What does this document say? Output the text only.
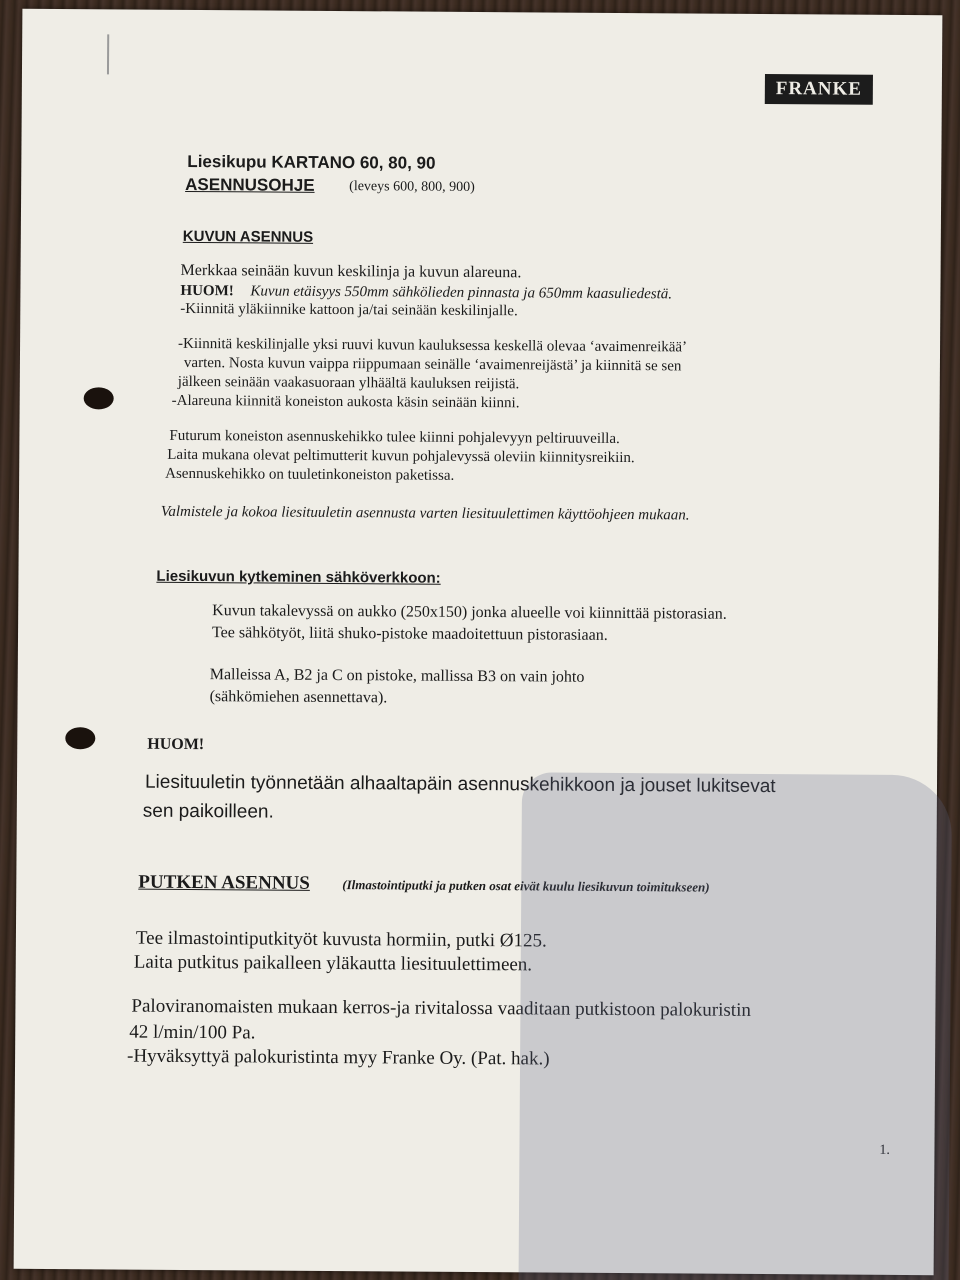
FRANKE
Liesikupu KARTANO 60, 80, 90
ASENNUSOHJE (leveys 600, 800, 900)
KUVUN ASENNUS
Merkkaa seinään kuvun keskilinja ja kuvun alareuna.
HUOM! Kuvun etäisyys 550mm sähkölieden pinnasta ja 650mm kaasuliedestä.
-Kiinnitä yläkiinnike kattoon ja/tai seinään keskilinjalle.
-Kiinnitä keskilinjalle yksi ruuvi kuvun kauluksessa keskellä olevaa ‘avaimenreikää’
varten. Nosta kuvun vaippa riippumaan seinälle ‘avaimenreijästä’ ja kiinnitä se sen
jälkeen seinään vaakasuoraan ylhäältä kauluksen reijistä.
-Alareuna kiinnitä koneiston aukosta käsin seinään kiinni.
Futurum koneiston asennuskehikko tulee kiinni pohjalevyyn peltiruuveilla.
Laita mukana olevat peltimutterit kuvun pohjalevyssä oleviin kiinnitysreikiin.
Asennuskehikko on tuuletinkoneiston paketissa.
Valmistele ja kokoa liesituuletin asennusta varten liesituulettimen käyttöohjeen mukaan.
Liesikuvun kytkeminen sähköverkkoon:
Kuvun takalevyssä on aukko (250x150) jonka alueelle voi kiinnittää pistorasian.
Tee sähkötyöt, liitä shuko-pistoke maadoitettuun pistorasiaan.
Malleissa A, B2 ja C on pistoke, mallissa B3 on vain johto
(sähkömiehen asennettava).
HUOM!
Liesituuletin työnnetään alhaaltapäin asennuskehikkoon ja jouset lukitsevat
sen paikoilleen.
PUTKEN ASENNUS (Ilmastointiputki ja putken osat eivät kuulu liesikuvun toimitukseen)
Tee ilmastointiputkityöt kuvusta hormiin, putki Ø125.
Laita putkitus paikalleen yläkautta liesituulettimeen.
Paloviranomaisten mukaan kerros-ja rivitalossa vaaditaan putkistoon palokuristin
42 l/min/100 Pa.
-Hyväksyttyä palokuristinta myy Franke Oy. (Pat. hak.)
1.
